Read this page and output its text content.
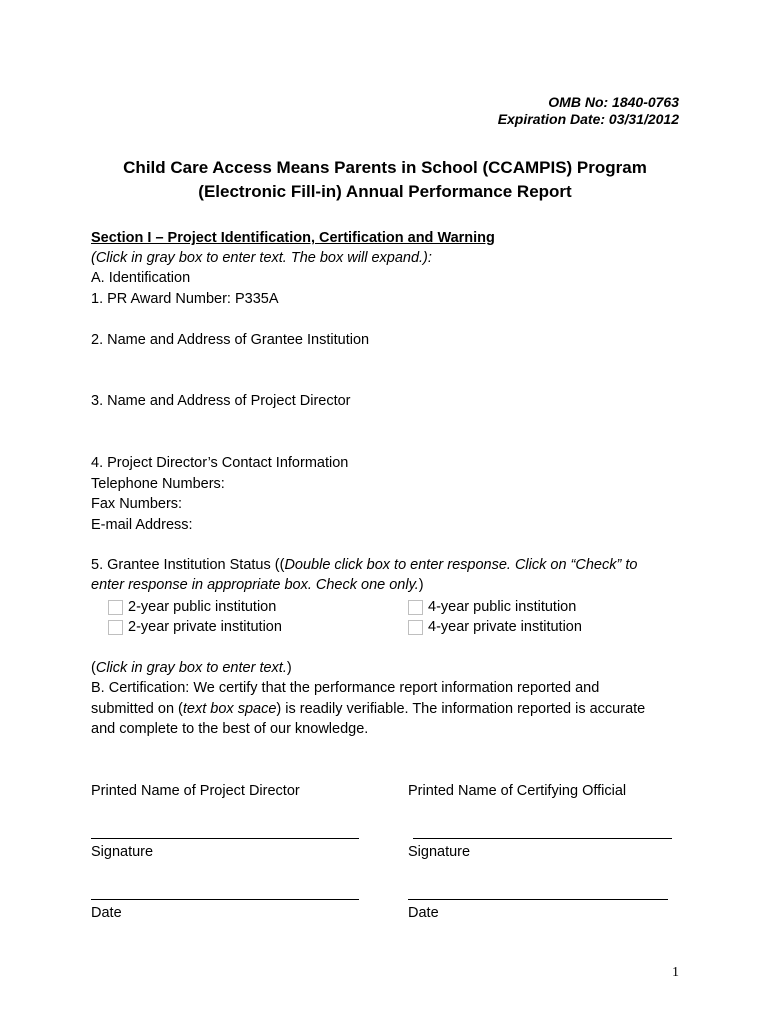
OMB No: 1840-0763
Expiration Date: 03/31/2012
Child Care Access Means Parents in School (CCAMPIS) Program
(Electronic Fill-in) Annual Performance Report
Section I – Project Identification, Certification and Warning
(Click in gray box to enter text. The box will expand.):
A. Identification
1. PR Award Number: P335A
2. Name and Address of Grantee Institution
3. Name and Address of Project Director
4. Project Director’s Contact Information
Telephone Numbers:
Fax Numbers:
E-mail Address:
5. Grantee Institution Status ((Double click box to enter response. Click on “Check” to
enter response in appropriate box. Check one only.)
2-year public institution	4-year public institution
2-year private institution	4-year private institution
(Click in gray box to enter text.)
B. Certification: We certify that the performance report information reported and
submitted on (text box space) is readily verifiable. The information reported is accurate
and complete to the best of our knowledge.
Printed Name of Project Director	Printed Name of Certifying Official
Signature	Signature
Date	Date
1
